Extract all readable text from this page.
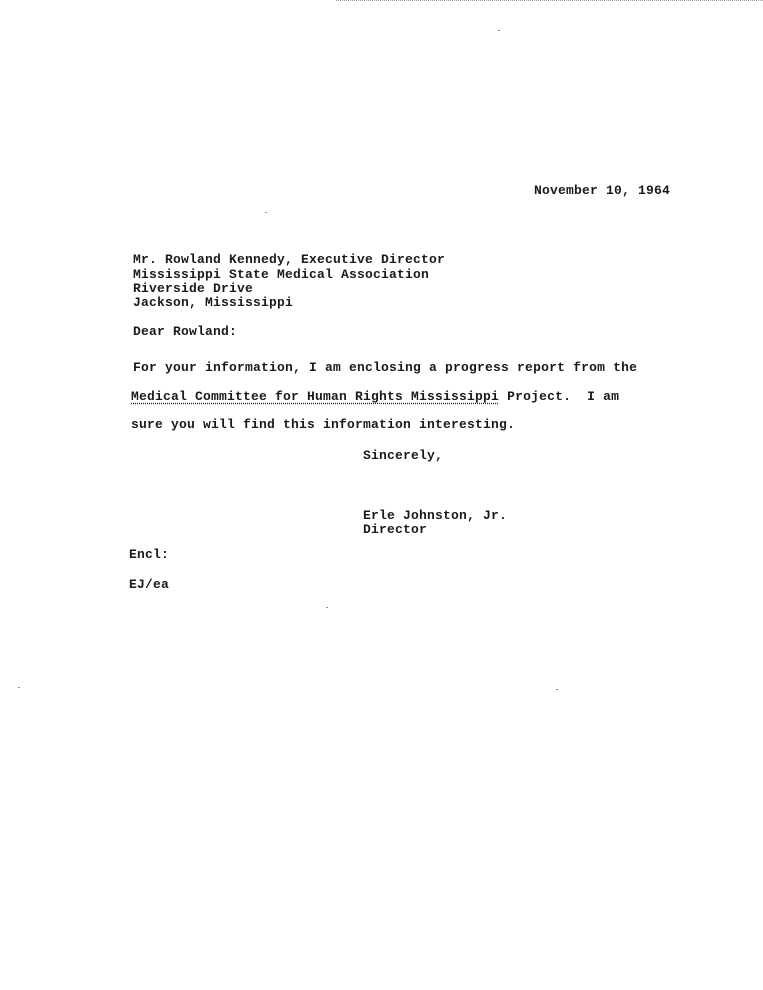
November 10, 1964
Mr. Rowland Kennedy, Executive Director
Mississippi State Medical Association
Riverside Drive
Jackson, Mississippi
Dear Rowland:
For your information, I am enclosing a progress report from the
Medical Committee for Human Rights Mississippi Project.  I am
sure you will find this information interesting.
Sincerely,
Erle Johnston, Jr.
Director
Encl:
EJ/ea
